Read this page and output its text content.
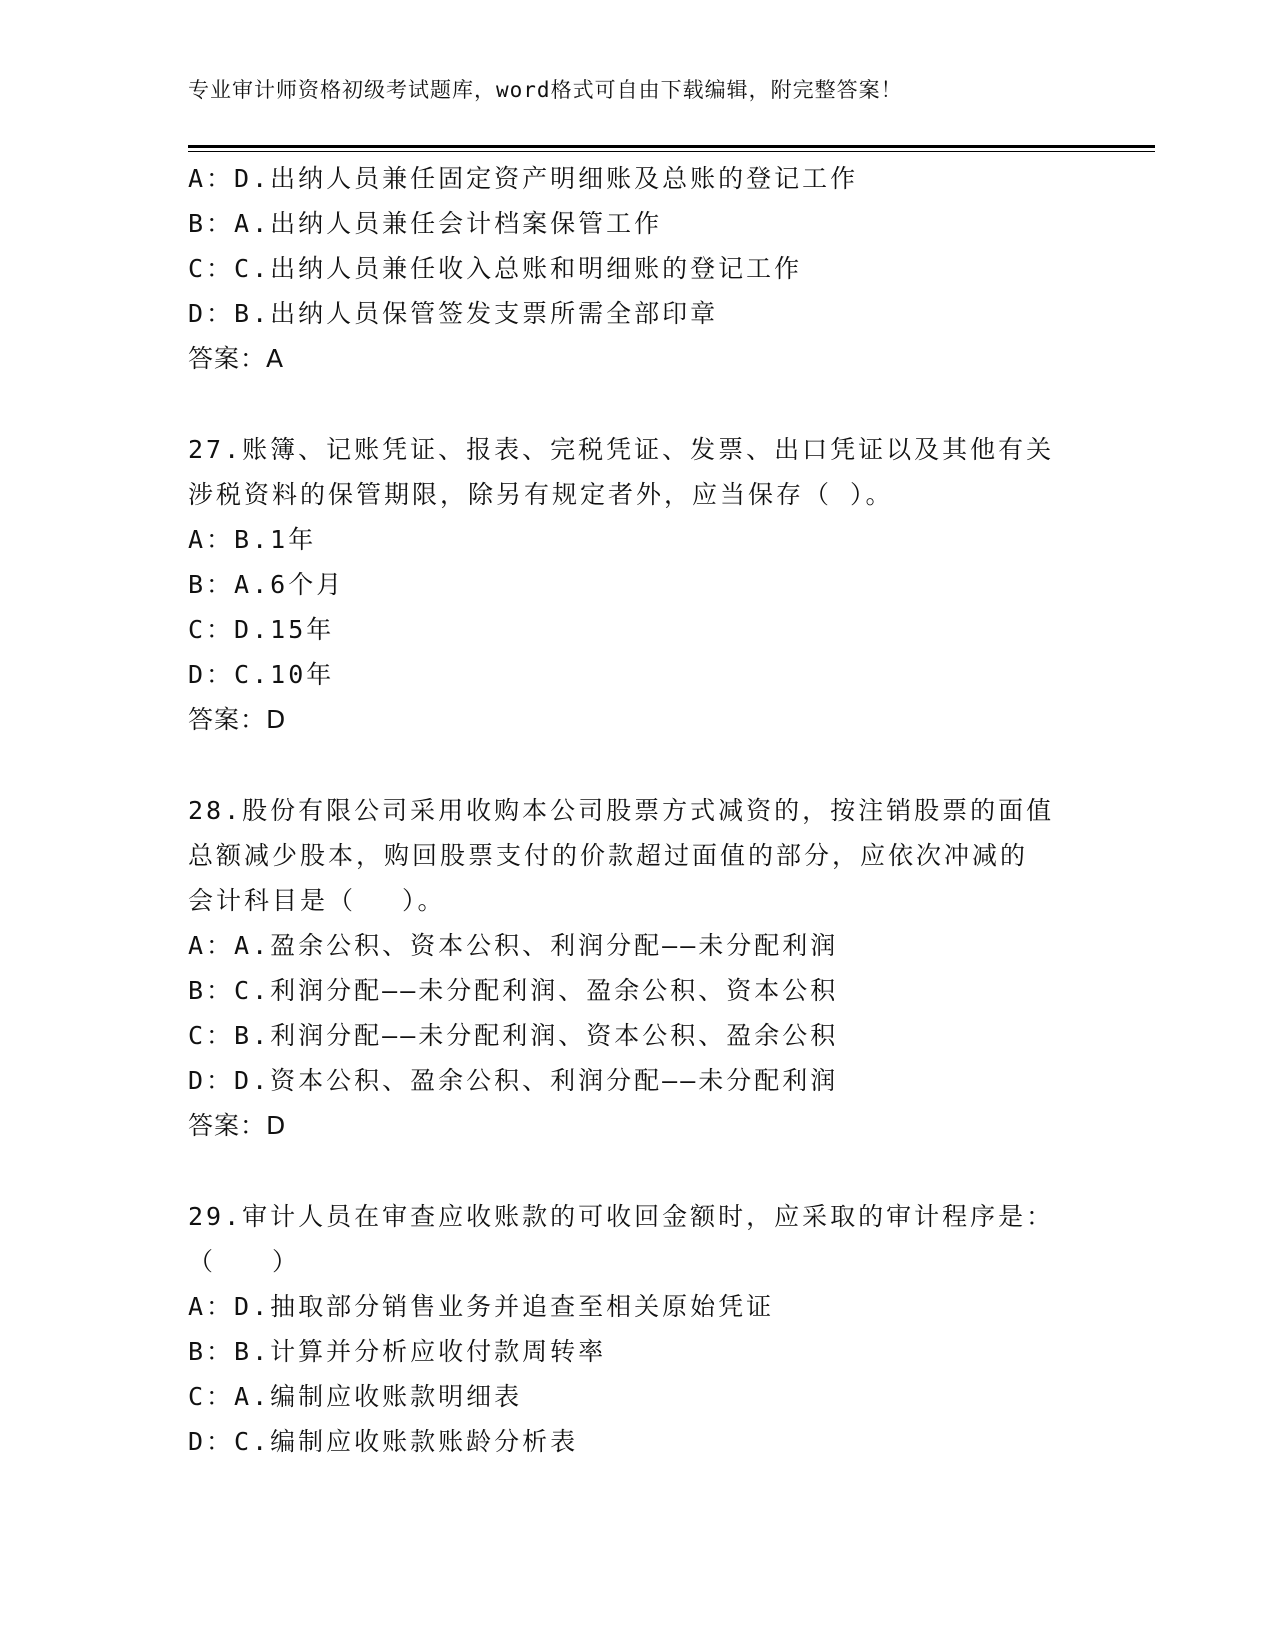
专业审计师资格初级考试题库，word格式可自由下载编辑，附完整答案！
A：D.出纳人员兼任固定资产明细账及总账的登记工作
B：A.出纳人员兼任会计档案保管工作
C：C.出纳人员兼任收入总账和明细账的登记工作
D：B.出纳人员保管签发支票所需全部印章
答案：A
27.账簿、记账凭证、报表、完税凭证、发票、出口凭证以及其他有关
涉税资料的保管期限，除另有规定者外，应当保存（ ）。
A：B.1年
B：A.6个月
C：D.15年
D：C.10年
答案：D
28.股份有限公司采用收购本公司股票方式减资的，按注销股票的面值
总额减少股本，购回股票支付的价款超过面值的部分，应依次冲减的
会计科目是（　 ）。
A：A.盈余公积、资本公积、利润分配——未分配利润
B：C.利润分配——未分配利润、盈余公积、资本公积
C：B.利润分配——未分配利润、资本公积、盈余公积
D：D.资本公积、盈余公积、利润分配——未分配利润
答案：D
29.审计人员在审查应收账款的可收回金额时，应采取的审计程序是：
（　　）
A：D.抽取部分销售业务并追查至相关原始凭证
B：B.计算并分析应收付款周转率
C：A.编制应收账款明细表
D：C.编制应收账款账龄分析表
